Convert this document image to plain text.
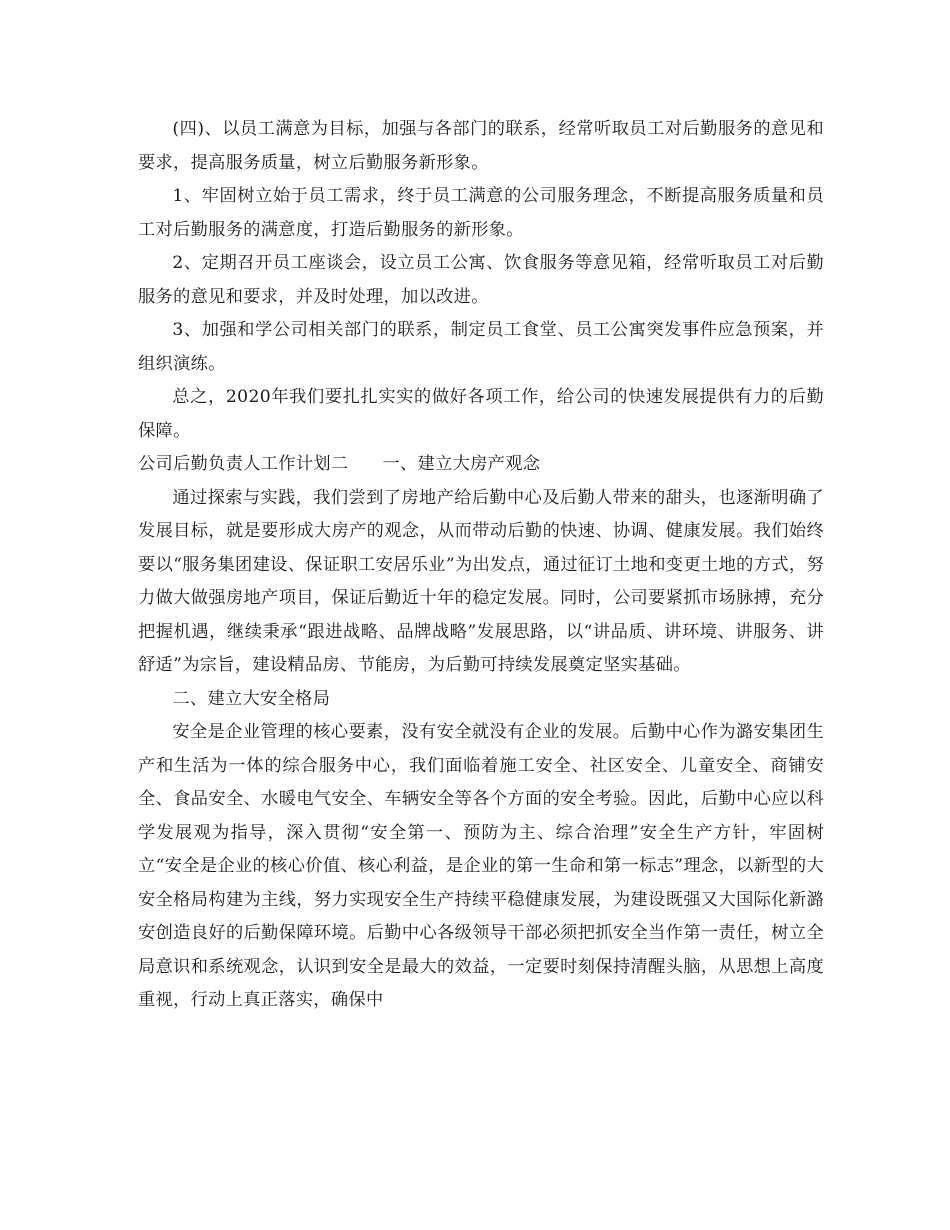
(四)、以员工满意为目标，加强与各部门的联系，经常听取员工对后勤服务的意见和要求，提高服务质量，树立后勤服务新形象。

1、牢固树立始于员工需求，终于员工满意的公司服务理念，不断提高服务质量和员工对后勤服务的满意度，打造后勤服务的新形象。

2、定期召开员工座谈会，设立员工公寓、饮食服务等意见箱，经常听取员工对后勤服务的意见和要求，并及时处理，加以改进。

3、加强和学公司相关部门的联系，制定员工食堂、员工公寓突发事件应急预案，并组织演练。

总之，2020年我们要扎扎实实的做好各项工作，给公司的快速发展提供有力的后勤保障。

公司后勤负责人工作计划二 一、建立大房产观念

通过探索与实践，我们尝到了房地产给后勤中心及后勤人带来的甜头，也逐渐明确了发展目标，就是要形成大房产的观念，从而带动后勤的快速、协调、健康发展。我们始终要以“服务集团建设、保证职工安居乐业”为出发点，通过征订土地和变更土地的方式，努力做大做强房地产项目，保证后勤近十年的稳定发展。同时，公司要紧抓市场脉搏，充分把握机遇，继续秉承“跟进战略、品牌战略”发展思路，以“讲品质、讲环境、讲服务、讲舒适”为宗旨，建设精品房、节能房，为后勤可持续发展奠定坚实基础。

二、建立大安全格局

安全是企业管理的核心要素，没有安全就没有企业的发展。后勤中心作为潞安集团生产和生活为一体的综合服务中心，我们面临着施工安全、社区安全、儿童安全、商铺安全、食品安全、水暖电气安全、车辆安全等各个方面的安全考验。因此，后勤中心应以科学发展观为指导，深入贯彻“安全第一、预防为主、综合治理”安全生产方针，牢固树立“安全是企业的核心价值、核心利益，是企业的第一生命和第一标志”理念，以新型的大安全格局构建为主线，努力实现安全生产持续平稳健康发展，为建设既强又大国际化新潞安创造良好的后勤保障环境。后勤中心各级领导干部必须把抓安全当作第一责任，树立全局意识和系统观念，认识到安全是最大的效益，一定要时刻保持清醒头脑，从思想上高度重视，行动上真正落实，确保中
